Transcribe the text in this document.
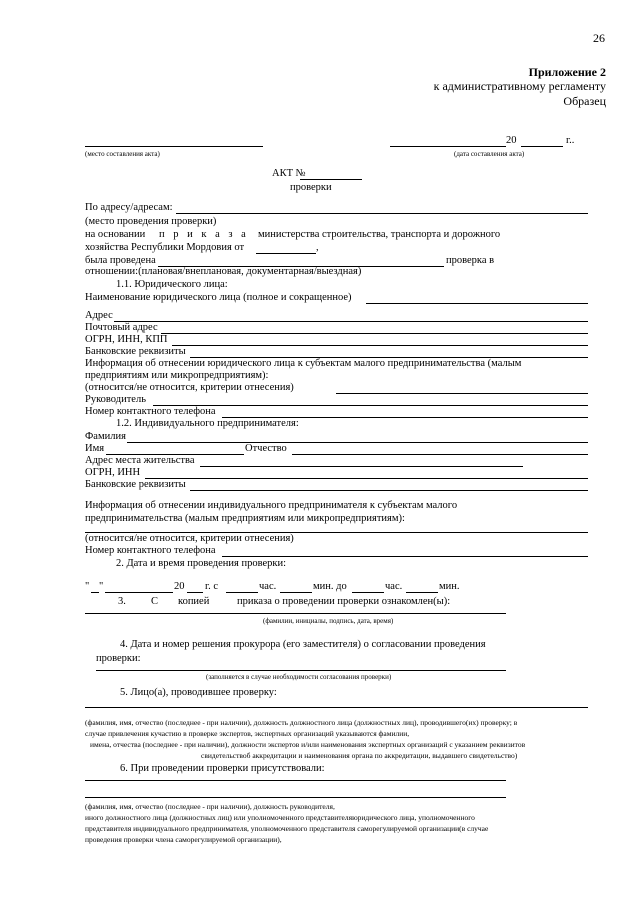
26
Приложение 2
к административному регламенту
Образец
20	г..
(место составления акта)	(дата составления акта)
АКТ №
проверки
По адресу/адресам:
(место проведения проверки)
на основании п р и к а з а министерства строительства, транспорта и дорожного
хозяйства Республики Мордовия от	,
была проведена	проверка в
отношении:(плановая/внеплановая, документарная/выездная)
1.1. Юридического лица:
Наименование юридического лица (полное и сокращенное)
Адрес
Почтовый адрес
ОГРН, ИНН, КПП
Банковские реквизиты
Информация об отнесении юридического лица к субъектам малого предпринимательства (малым
предприятиям или микропредприятиям):
(относится/не относится, критерии отнесения)
Руководитель
Номер контактного телефона
1.2. Индивидуального предпринимателя:
Фамилия
Имя	Отчество
Адрес места жительства
ОГРН, ИНН
Банковские реквизиты
Информация об отнесении индивидуального предпринимателя к субъектам малого
предпринимательства (малым предприятиям или микропредприятиям):
(относится/не относится, критерии отнесения)
Номер контактного телефона
2. Дата и время проведения проверки:
" "	20 г. с	час.	мин. до	час.	мин.
3. С копией	приказа о проведении проверки ознакомлен(ы):
(фамилии, инициалы, подпись, дата, время)
4. Дата и номер решения прокурора (его заместителя) о согласовании проведения
проверки:
(заполняется в случае необходимости согласования проверки)
5. Лицо(а), проводившее проверку:
(фамилия, имя, отчество (последнее - при наличии), должность должностного лица (должностных лиц), проводившего(их) проверку; в
случае привлечения кучастию в проверке экспертов, экспертных организаций указываются фамилии,
имена, отчества (последнее - при наличии), должности экспертов и/или наименования экспертных организаций с указанием реквизитов
свидетельствоб аккредитации и наименования органа по аккредитации, выдавшего свидетельство)
6. При проведении проверки присутствовали:
(фамилия, имя, отчество (последнее - при наличии), должность руководителя,
иного должностного лица (должностных лиц) или уполномоченного представителяюридического лица, уполномоченного
представителя индивидуального предпринимателя, уполномоченного представителя саморегулируемой организации(в случае
проведения проверки члена саморегулируемой организации),
